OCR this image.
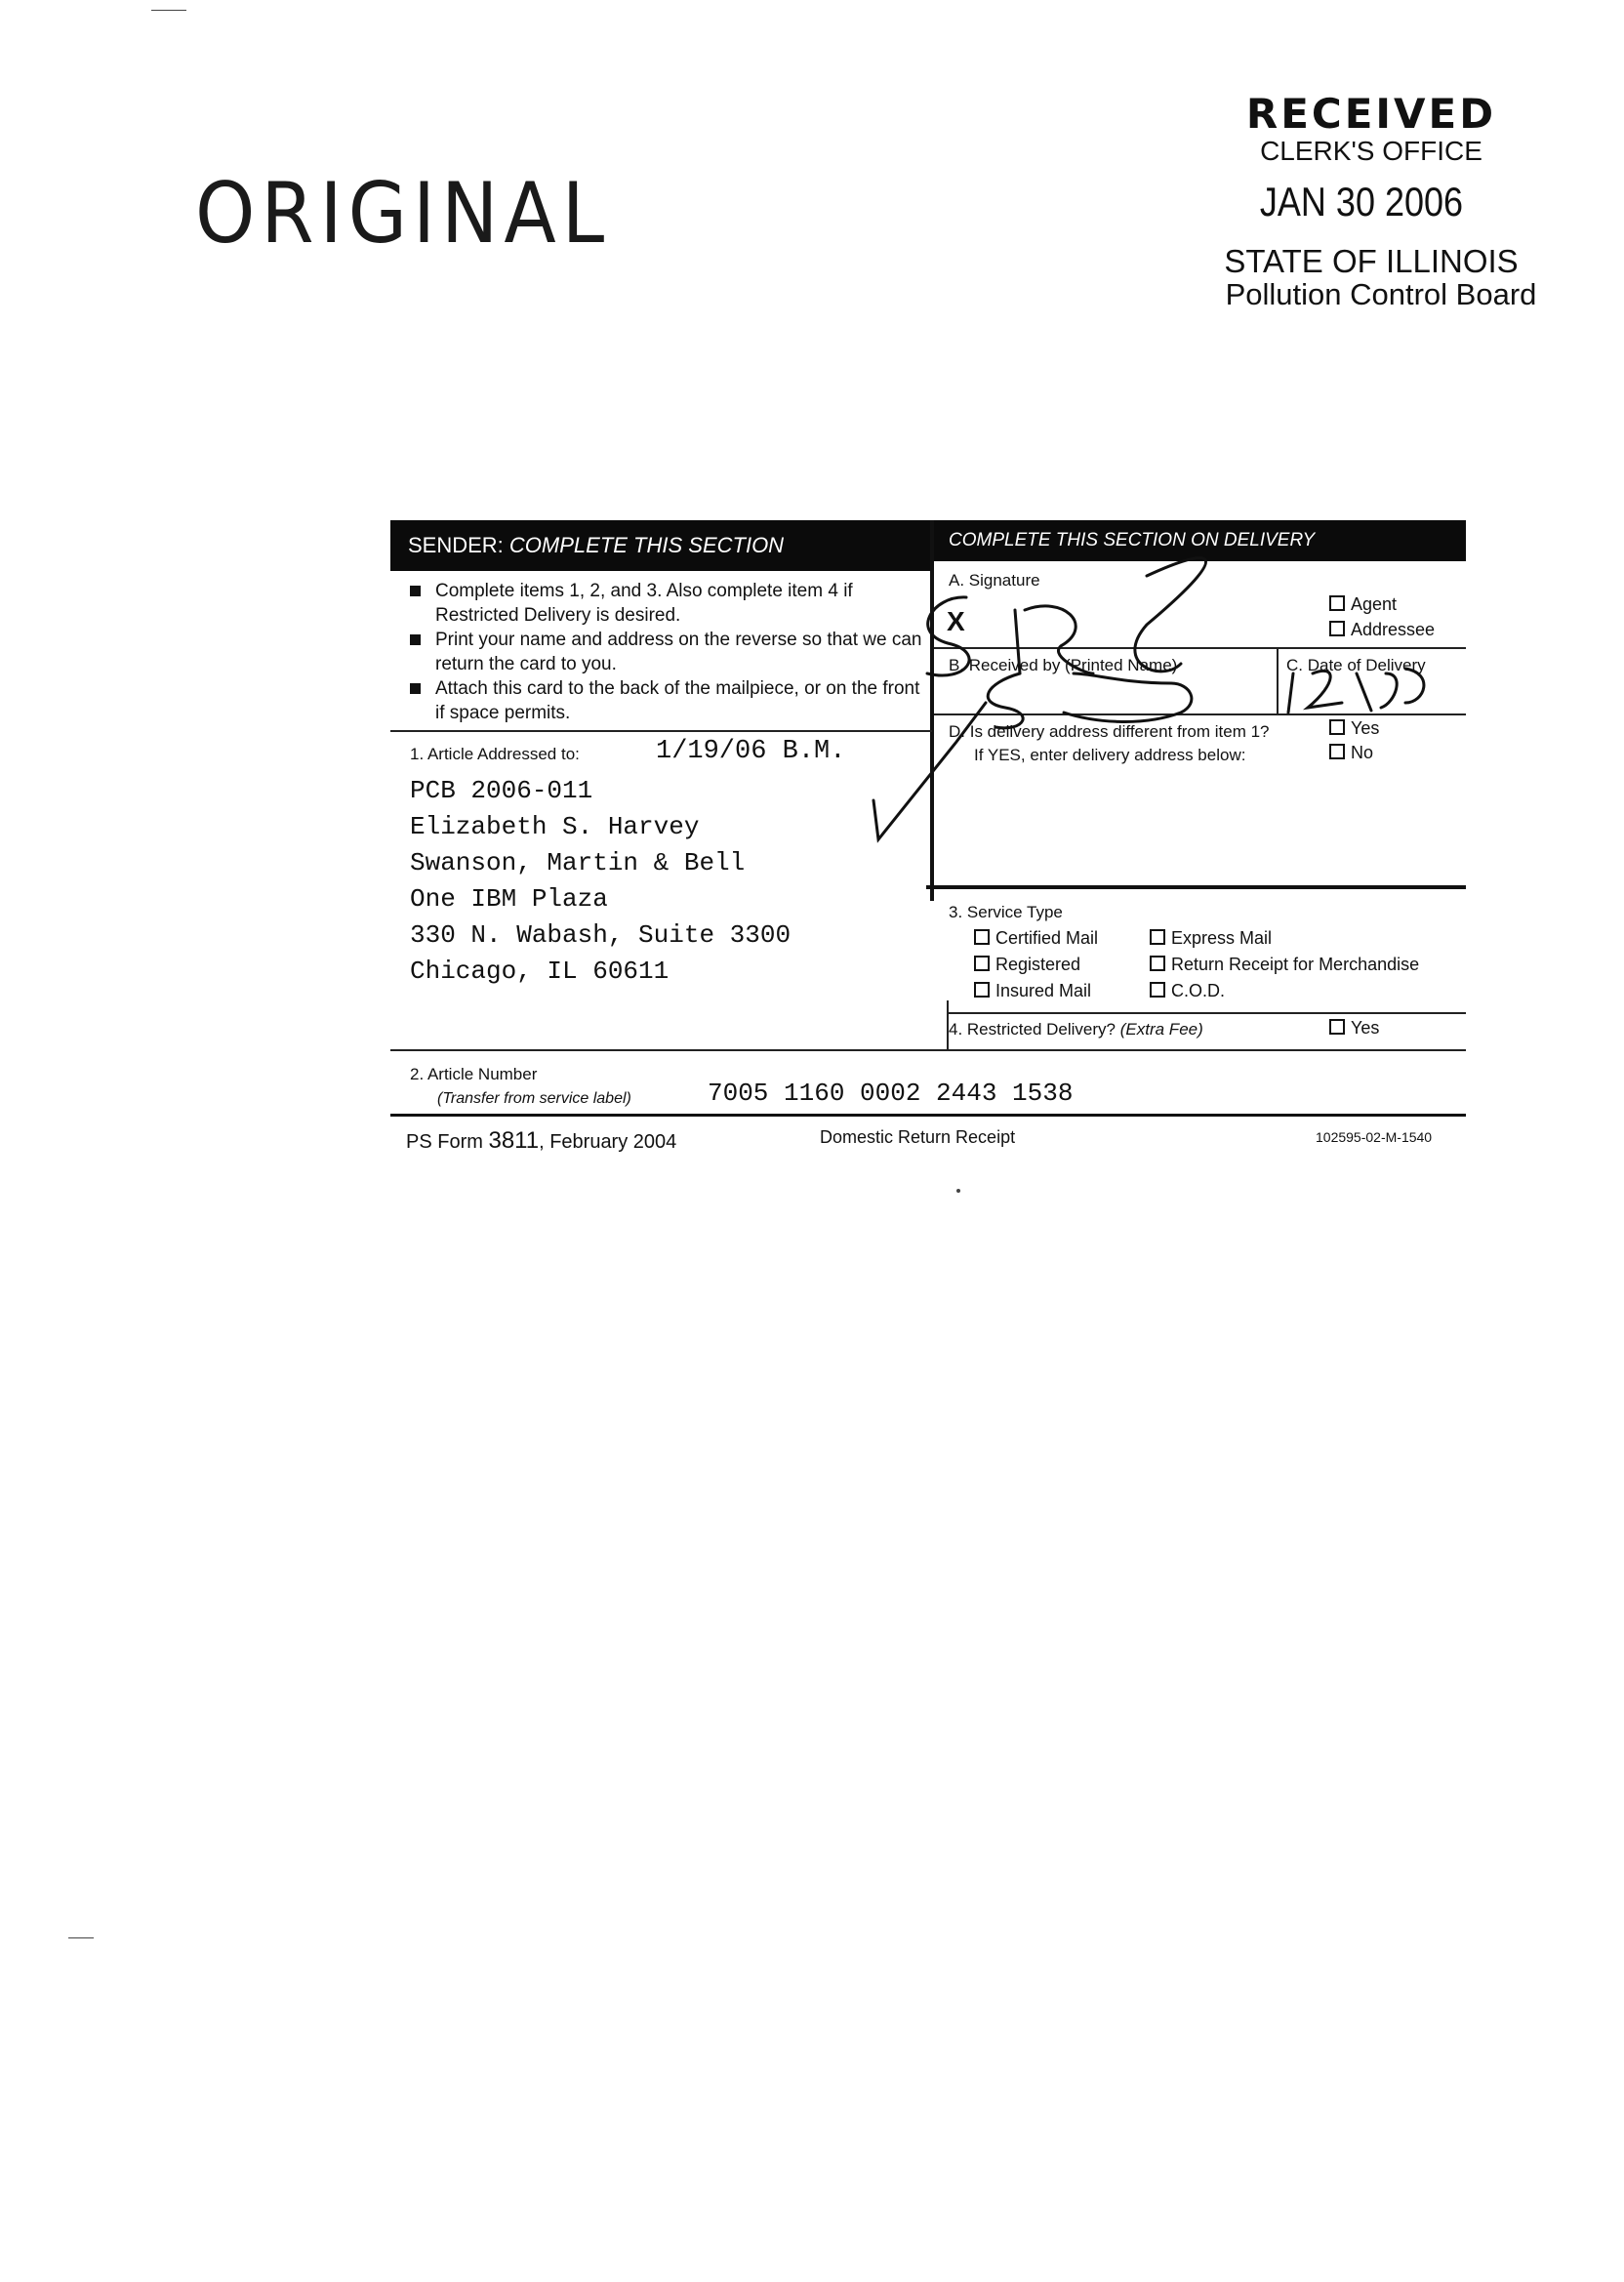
ORIGINAL
RECEIVED
CLERK'S OFFICE
JAN 30 2006
STATE OF ILLINOIS
Pollution Control Board
SENDER: COMPLETE THIS SECTION	COMPLETE THIS SECTION ON DELIVERY
Complete items 1, 2, and 3. Also complete item 4 if Restricted Delivery is desired.
Print your name and address on the reverse so that we can return the card to you.
Attach this card to the back of the mailpiece, or on the front if space permits.
1. Article Addressed to:	1/19/06 B.M.
PCB 2006-011
Elizabeth S. Harvey
Swanson, Martin & Bell
One IBM Plaza
330 N. Wabash, Suite 3300
Chicago, IL 60611
A. Signature
X
Agent
Addressee
B. Received by (Printed Name)	C. Date of Delivery
D. Is delivery address different from item 1?
If YES, enter delivery address below:
Yes
No
3. Service Type
Certified Mail	Express Mail
Registered	Return Receipt for Merchandise
Insured Mail	C.O.D.
4. Restricted Delivery? (Extra Fee)	Yes
2. Article Number
(Transfer from service label)	7005 1160 0002 2443 1538
PS Form 3811, February 2004	Domestic Return Receipt	102595-02-M-1540
